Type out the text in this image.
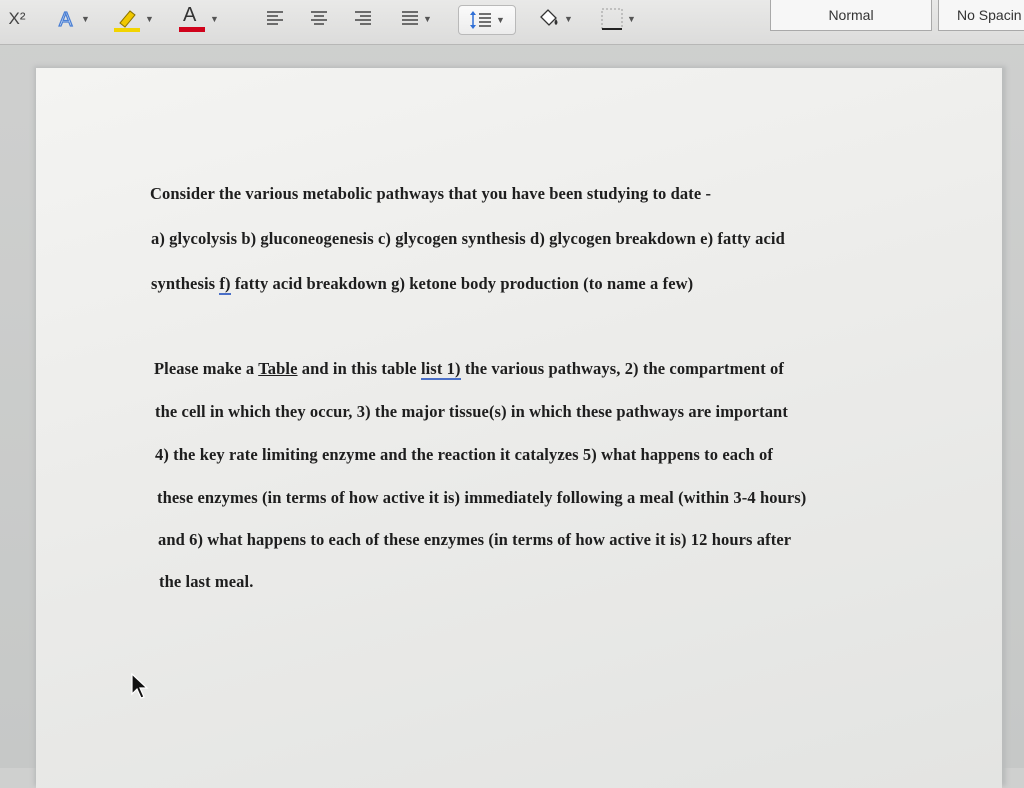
X² A ▼	▼ A ▼	▼	▼	▼	▼	Normal	No Spacin
Consider the various metabolic pathways that you have been studying to date -
a) glycolysis b) gluconeogenesis c) glycogen synthesis d) glycogen breakdown e) fatty acid
synthesis f) fatty acid breakdown g) ketone body production (to name a few)
Please make a Table and in this table list 1) the various pathways, 2) the compartment of
the cell in which they occur, 3) the major tissue(s) in which these pathways are important
4) the key rate limiting enzyme and the reaction it catalyzes 5) what happens to each of
these enzymes (in terms of how active it is) immediately following a meal (within 3-4 hours)
and 6) what happens to each of these enzymes (in terms of how active it is) 12 hours after
the last meal.
